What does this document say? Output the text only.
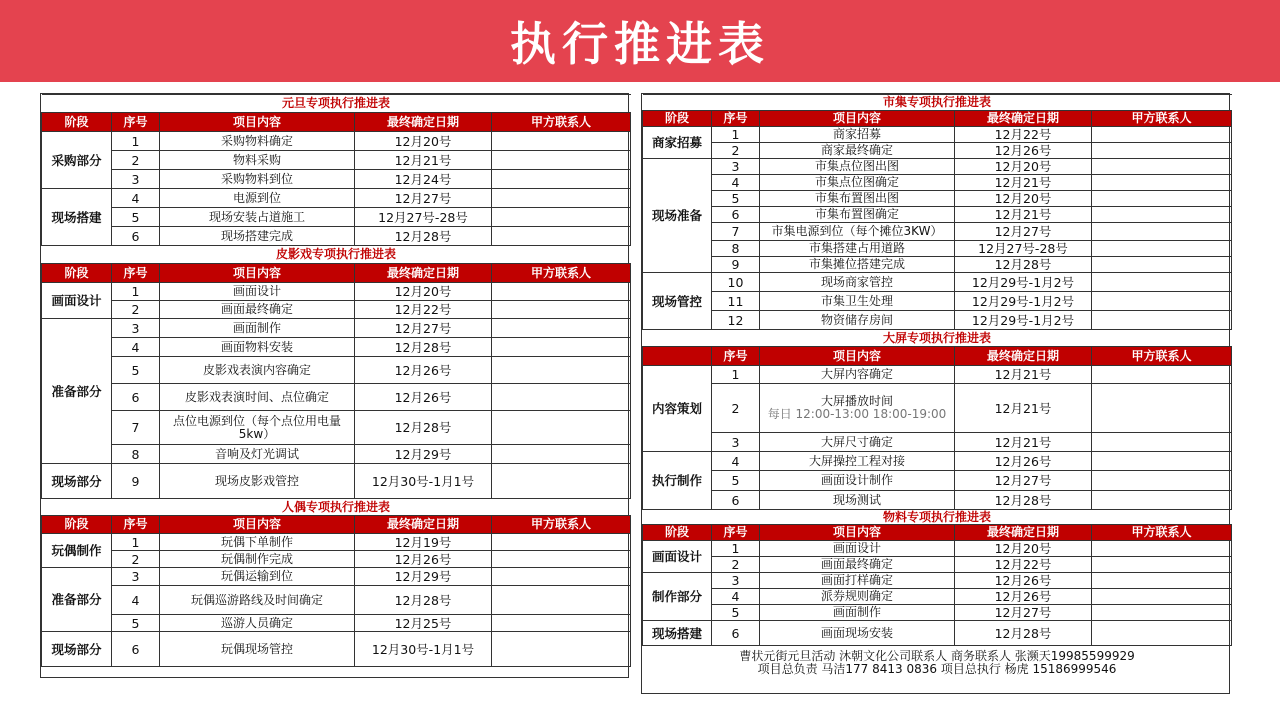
执行推进表
元旦专项执行推进表				
阶段	序号	项目内容	最终确定日期	甲方联系人
采购部分	1	采购物料确定	12月20号	
	2	物料采购	12月21号	
	3	采购物料到位	12月24号	
现场搭建	4	电源到位	12月27号	
	5	现场安装占道施工	12月27号-28号	
	6	现场搭建完成	12月28号	
皮影戏专项执行推进表				
阶段	序号	项目内容	最终确定日期	甲方联系人
画面设计	1	画面设计	12月20号	
	2	画面最终确定	12月22号	
准备部分	3	画面制作	12月27号	
	4	画面物料安装	12月28号	
	5	皮影戏表演内容确定	12月26号	
	6	皮影戏表演时间、点位确定	12月26号	
	7	点位电源到位（每个点位用电量5kw）	12月28号	
	8	音响及灯光调试	12月29号	
现场部分	9	现场皮影戏管控	12月30号-1月1号	
人偶专项执行推进表				
阶段	序号	项目内容	最终确定日期	甲方联系人
玩偶制作	1	玩偶下单制作	12月19号	
	2	玩偶制作完成	12月26号	
准备部分	3	玩偶运输到位	12月29号	
	4	玩偶巡游路线及时间确定	12月28号	
	5	巡游人员确定	12月25号	
现场部分	6	玩偶现场管控	12月30号-1月1号	
市集专项执行推进表				
阶段	序号	项目内容	最终确定日期	甲方联系人
商家招募	1	商家招募	12月22号	
	2	商家最终确定	12月26号	
现场准备	3	市集点位图出图	12月20号	
	4	市集点位图确定	12月21号	
	5	市集布置图出图	12月20号	
	6	市集布置图确定	12月21号	
	7	市集电源到位（每个摊位3KW）	12月27号	
	8	市集搭建占用道路	12月27号-28号	
	9	市集摊位搭建完成	12月28号	
现场管控	10	现场商家管控	12月29号-1月2号	
	11	市集卫生处理	12月29号-1月2号	
	12	物资储存房间	12月29号-1月2号	
大屏专项执行推进表				
	序号	项目内容	最终确定日期	甲方联系人
内容策划	1	大屏内容确定	12月21号	
	2	大屏播放时间
每日 12:00-13:00 18:00-19:00	12月21号	
	3	大屏尺寸确定	12月21号	
执行制作	4	大屏操控工程对接	12月26号	
	5	画面设计制作	12月27号	
	6	现场测试	12月28号	
物料专项执行推进表				
阶段	序号	项目内容	最终确定日期	甲方联系人
画面设计	1	画面设计	12月20号	
	2	画面最终确定	12月22号	
制作部分	3	画面打样确定	12月26号	
	4	派券规则确定	12月26号	
	5	画面制作	12月27号	
现场搭建	6	画面现场安装	12月28号	

曹状元街元旦活动 沐朝文化公司联系人 商务联系人 张濒天19985599929
项目总负责 马洁177 8413 0836 项目总执行 杨虎 15186999546				
